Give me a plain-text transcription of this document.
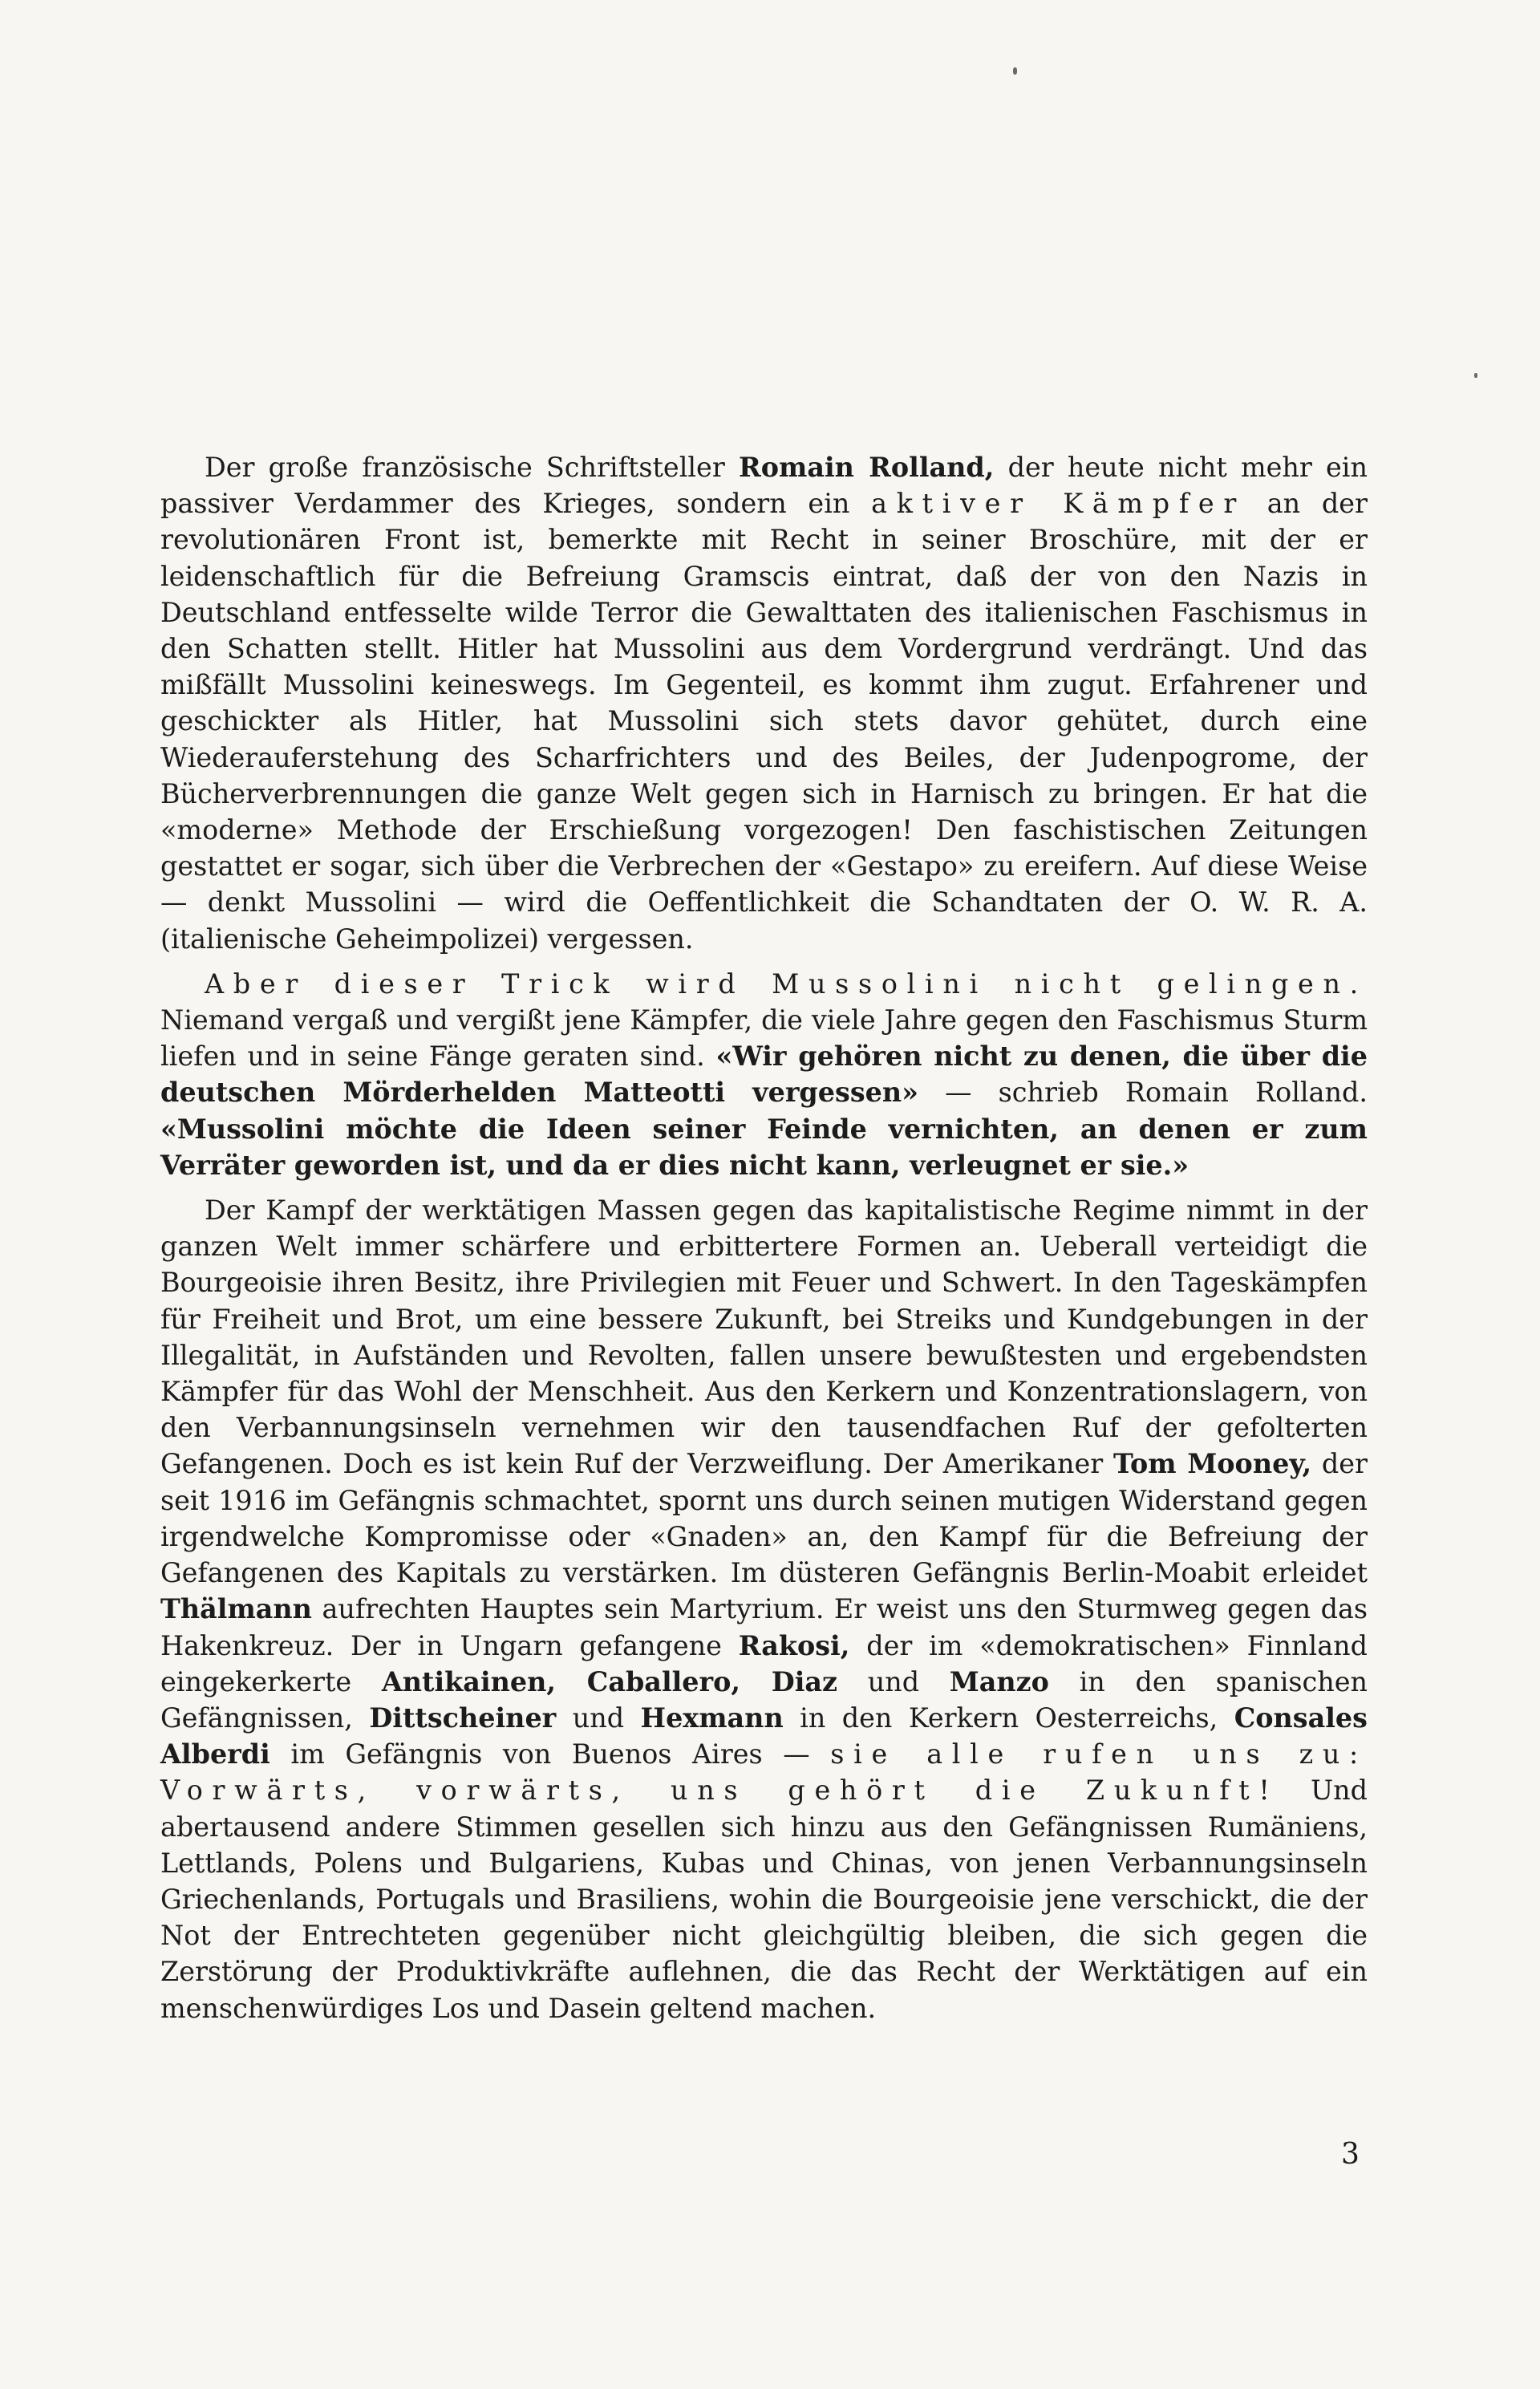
Der große französische Schriftsteller Romain Rolland, der heute nicht mehr ein passiver Verdammer des Krieges, sondern ein aktiver Kämpfer an der revolutionären Front ist, bemerkte mit Recht in seiner Broschüre, mit der er leidenschaftlich für die Befreiung Gramscis eintrat, daß der von den Nazis in Deutschland entfesselte wilde Terror die Gewalttaten des italienischen Faschismus in den Schatten stellt. Hitler hat Mussolini aus dem Vordergrund verdrängt. Und das mißfällt Mussolini keineswegs. Im Gegenteil, es kommt ihm zugut. Erfahrener und geschickter als Hitler, hat Mussolini sich stets davor gehütet, durch eine Wiederauferstehung des Scharfrichters und des Beiles, der Judenpogrome, der Bücherverbrennungen die ganze Welt gegen sich in Harnisch zu bringen. Er hat die «moderne» Methode der Erschießung vorgezogen! Den faschistischen Zeitungen gestattet er sogar, sich über die Verbrechen der «Gestapo» zu ereifern. Auf diese Weise — denkt Mussolini — wird die Oeffentlichkeit die Schandtaten der O. W. R. A. (italienische Geheimpolizei) vergessen.

Aber dieser Trick wird Mussolini nicht gelingen. Niemand vergaß und vergißt jene Kämpfer, die viele Jahre gegen den Faschismus Sturm liefen und in seine Fänge geraten sind. «Wir gehören nicht zu denen, die über die deutschen Mörderhelden Matteotti vergessen» — schrieb Romain Rolland. «Mussolini möchte die Ideen seiner Feinde vernichten, an denen er zum Verräter geworden ist, und da er dies nicht kann, verleugnet er sie.»

Der Kampf der werktätigen Massen gegen das kapitalistische Regime nimmt in der ganzen Welt immer schärfere und erbittertere Formen an. Ueberall verteidigt die Bourgeoisie ihren Besitz, ihre Privilegien mit Feuer und Schwert. In den Tageskämpfen für Freiheit und Brot, um eine bessere Zukunft, bei Streiks und Kundgebungen in der Illegalität, in Aufständen und Revolten, fallen unsere bewußtesten und ergebendsten Kämpfer für das Wohl der Menschheit. Aus den Kerkern und Konzentrationslagern, von den Verbannungsinseln vernehmen wir den tausendfachen Ruf der gefolterten Gefangenen. Doch es ist kein Ruf der Verzweiflung. Der Amerikaner Tom Mooney, der seit 1916 im Gefängnis schmachtet, spornt uns durch seinen mutigen Widerstand gegen irgendwelche Kompromisse oder «Gnaden» an, den Kampf für die Befreiung der Gefangenen des Kapitals zu verstärken. Im düsteren Gefängnis Berlin-Moabit erleidet Thälmann aufrechten Hauptes sein Martyrium. Er weist uns den Sturmweg gegen das Hakenkreuz. Der in Ungarn gefangene Rakosi, der im «demokratischen» Finnland eingekerkerte Antikainen, Caballero, Diaz und Manzo in den spanischen Gefängnissen, Dittscheiner und Hexmann in den Kerkern Oesterreichs, Consales Alberdi im Gefängnis von Buenos Aires — sie alle rufen uns zu: Vorwärts, vorwärts, uns gehört die Zukunft! Und abertausend andere Stimmen gesellen sich hinzu aus den Gefängnissen Rumäniens, Lettlands, Polens und Bulgariens, Kubas und Chinas, von jenen Verbannungsinseln Griechenlands, Portugals und Brasiliens, wohin die Bourgeoisie jene verschickt, die der Not der Entrechteten gegenüber nicht gleichgültig bleiben, die sich gegen die Zerstörung der Produktivkräfte auflehnen, die das Recht der Werktätigen auf ein menschenwürdiges Los und Dasein geltend machen.

3
